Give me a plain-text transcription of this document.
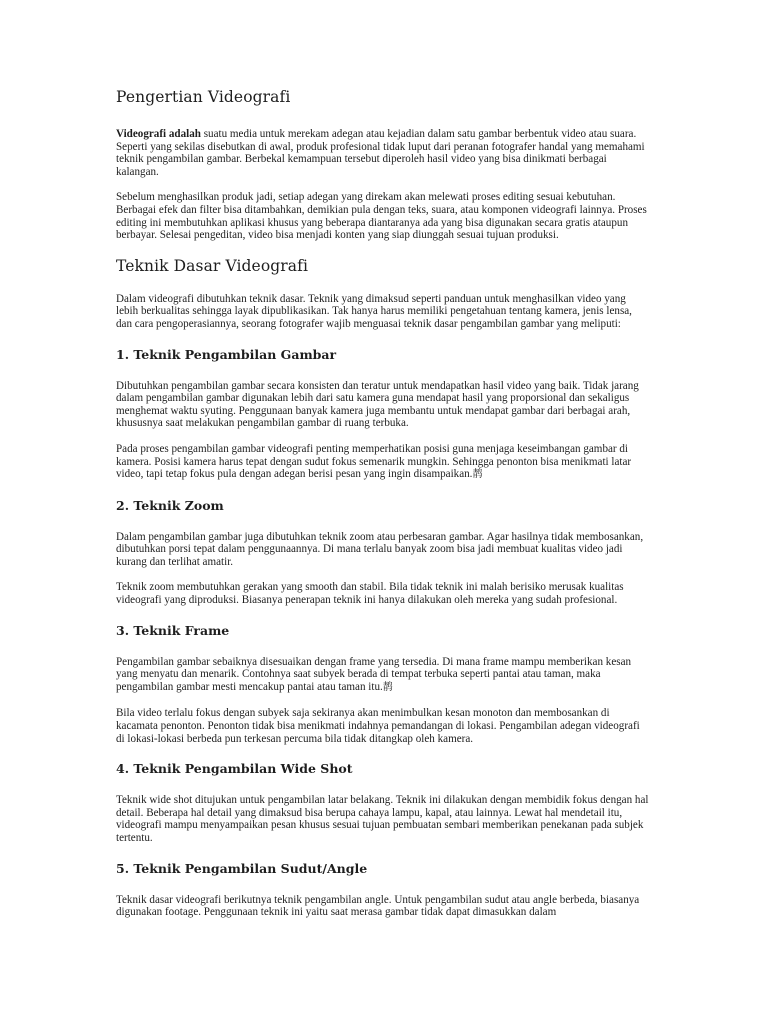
Pengertian Videografi

Videografi adalah suatu media untuk merekam adegan atau kejadian dalam satu gambar berbentuk video atau suara. Seperti yang sekilas disebutkan di awal, produk profesional tidak luput dari peranan fotografer handal yang memahami teknik pengambilan gambar. Berbekal kemampuan tersebut diperoleh hasil video yang bisa dinikmati berbagai kalangan.

Sebelum menghasilkan produk jadi, setiap adegan yang direkam akan melewati proses editing sesuai kebutuhan. Berbagai efek dan filter bisa ditambahkan, demikian pula dengan teks, suara, atau komponen videografi lainnya. Proses editing ini membutuhkan aplikasi khusus yang beberapa diantaranya ada yang bisa digunakan secara gratis ataupun berbayar. Selesai pengeditan, video bisa menjadi konten yang siap diunggah sesuai tujuan produksi.

Teknik Dasar Videografi

Dalam videografi dibutuhkan teknik dasar. Teknik yang dimaksud seperti panduan untuk menghasilkan video yang lebih berkualitas sehingga layak dipublikasikan. Tak hanya harus memiliki pengetahuan tentang kamera, jenis lensa, dan cara pengoperasiannya, seorang fotografer wajib menguasai teknik dasar pengambilan gambar yang meliputi:

1. Teknik Pengambilan Gambar

Dibutuhkan pengambilan gambar secara konsisten dan teratur untuk mendapatkan hasil video yang baik. Tidak jarang dalam pengambilan gambar digunakan lebih dari satu kamera guna mendapat hasil yang proporsional dan sekaligus menghemat waktu syuting. Penggunaan banyak kamera juga membantu untuk mendapat gambar dari berbagai arah, khususnya saat melakukan pengambilan gambar di ruang terbuka.

Pada proses pengambilan gambar videografi penting memperhatikan posisi guna menjaga keseimbangan gambar di kamera. Posisi kamera harus tepat dengan sudut fokus semenarik mungkin. Sehingga penonton bisa menikmati latar video, tapi tetap fokus pula dengan adegan berisi pesan yang ingin disampaikan.䴖

2. Teknik Zoom

Dalam pengambilan gambar juga dibutuhkan teknik zoom atau perbesaran gambar. Agar hasilnya tidak membosankan, dibutuhkan porsi tepat dalam penggunaannya. Di mana terlalu banyak zoom bisa jadi membuat kualitas video jadi kurang dan terlihat amatir.

Teknik zoom membutuhkan gerakan yang smooth dan stabil. Bila tidak teknik ini malah berisiko merusak kualitas videografi yang diproduksi. Biasanya penerapan teknik ini hanya dilakukan oleh mereka yang sudah profesional.

3. Teknik Frame

Pengambilan gambar sebaiknya disesuaikan dengan frame yang tersedia. Di mana frame mampu memberikan kesan yang menyatu dan menarik. Contohnya saat subyek berada di tempat terbuka seperti pantai atau taman, maka pengambilan gambar mesti mencakup pantai atau taman itu.䴖

Bila video terlalu fokus dengan subyek saja sekiranya akan menimbulkan kesan monoton dan membosankan di kacamata penonton. Penonton tidak bisa menikmati indahnya pemandangan di lokasi. Pengambilan adegan videografi di lokasi-lokasi berbeda pun terkesan percuma bila tidak ditangkap oleh kamera.

4. Teknik Pengambilan Wide Shot

Teknik wide shot ditujukan untuk pengambilan latar belakang. Teknik ini dilakukan dengan membidik fokus dengan hal detail. Beberapa hal detail yang dimaksud bisa berupa cahaya lampu, kapal, atau lainnya. Lewat hal mendetail itu, videografi mampu menyampaikan pesan khusus sesuai tujuan pembuatan sembari memberikan penekanan pada subjek tertentu.

5. Teknik Pengambilan Sudut/Angle

Teknik dasar videografi berikutnya teknik pengambilan angle. Untuk pengambilan sudut atau angle berbeda, biasanya digunakan footage. Penggunaan teknik ini yaitu saat merasa gambar tidak dapat dimasukkan dalam
